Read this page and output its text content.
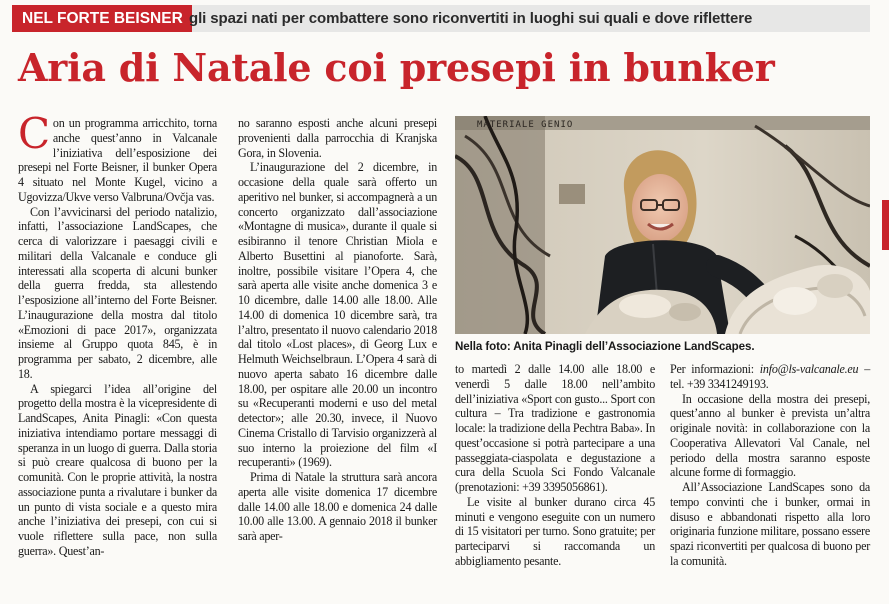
NEL FORTE BEISNER gli spazi nati per combattere sono riconvertiti in luoghi sui quali e dove riflettere
Aria di Natale coi presepi in bunker

Con un programma arricchito, torna anche quest’anno in Valcanale l’iniziativa dell’esposizione dei presepi nel Forte Beisner, il bunker Opera 4 situato nel Monte Kugel, vicino a Ugovizza/Ukve verso Valbruna/Ovčja vas.

Con l’avvicinarsi del periodo natalizio, infatti, l’associazione LandScapes, che cerca di valorizzare i paesaggi civili e militari della Valcanale e conduce gli interessati alla scoperta di alcuni bunker della guerra fredda, sta allestendo l’esposizione all’interno del Forte Beisner. L’inaugurazione della mostra dal titolo «Emozioni di pace 2017», organizzata insieme al Gruppo quota 845, è in programma per sabato, 2 dicembre, alle 18.

A spiegarci l’idea all’origine del progetto della mostra è la vicepresidente di LandScapes, Anita Pinagli: «Con questa iniziativa intendiamo portare messaggi di speranza in un luogo di guerra. Dalla storia si può creare qualcosa di buono per la comunità. Con le proprie attività, la nostra associazione punta a rivalutare i bunker da un punto di vista sociale e a questo mira anche l’iniziativa dei presepi, con cui si vuole riflettere sulla pace, non sulla guerra». Quest’an-

no saranno esposti anche alcuni presepi provenienti dalla parrocchia di Kranjska Gora, in Slovenia.

L’inaugurazione del 2 dicembre, in occasione della quale sarà offerto un aperitivo nel bunker, si accompagnerà a un concerto organizzato dall’associazione «Montagne di musica», durante il quale si esibiranno il tenore Christian Miola e Alberto Busettini al pianoforte. Sarà, inoltre, possibile visitare l’Opera 4, che sarà aperta alle visite anche domenica 3 e 10 dicembre, dalle 14.00 alle 18.00. Alle 14.00 di domenica 10 dicembre sarà, tra l’altro, presentato il nuovo calendario 2018 dal titolo «Lost places», di Georg Lux e Helmuth Weichselbraun. L’Opera 4 sarà di nuovo aperta sabato 16 dicembre dalle 18.00, per ospitare alle 20.00 un incontro su «Recuperanti moderni e uso del metal detector»; alle 20.30, invece, il Nuovo Cinema Cristallo di Tarvisio organizzerà al suo interno la proiezione del film «I recuperanti» (1969).

Prima di Natale la struttura sarà ancora aperta alle visite domenica 17 dicembre dalle 14.00 alle 18.00 e domenica 24 dalle 10.00 alle 13.00. A gennaio 2018 il bunker sarà aper-

MATERIALE GENIO
Nella foto: Anita Pinagli dell’Associazione LandScapes.

to martedì 2 dalle 14.00 alle 18.00 e venerdì 5 dalle 18.00 nell’ambito dell’iniziativa «Sport con gusto... Sport con cultura – Tra tradizione e gastronomia locale: la tradizione della Pechtra Baba». In quest’occasione si potrà partecipare a una passeggiata-ciaspolata e degustazione a cura della Scuola Sci Fondo Valcanale (prenotazioni: +39 3395056861).

Le visite al bunker durano circa 45 minuti e vengono eseguite con un numero di 15 visitatori per turno. Sono gratuite; per parteciparvi si raccomanda un abbigliamento pesante.

Per informazioni: info@ls-valcanale.eu – tel. +39 3341249193.

In occasione della mostra dei presepi, quest’anno al bunker è prevista un’altra originale novità: in collaborazione con la Cooperativa Allevatori Val Canale, nel periodo della mostra saranno esposte alcune forme di formaggio.

All’Associazione LandScapes sono da tempo convinti che i bunker, ormai in disuso e abbandonati rispetto alla loro originaria funzione militare, possano essere spazi riconvertiti per qualcosa di buono per la comunità.
